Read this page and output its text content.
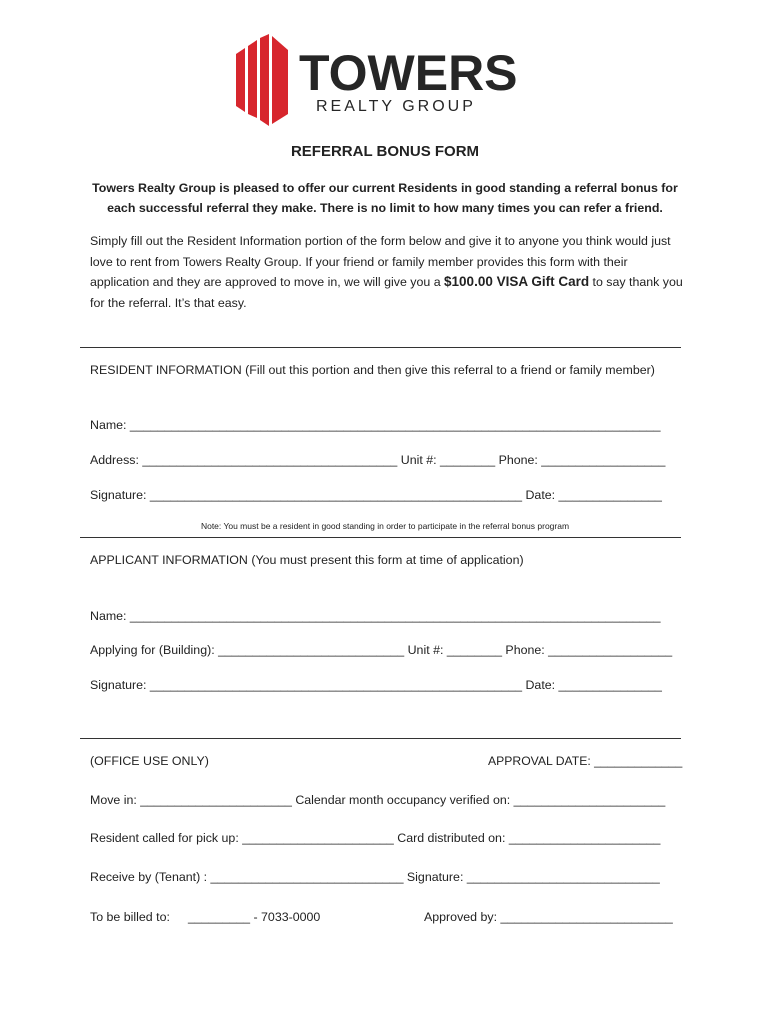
TOWERS
REALTY GROUP
REFERRAL BONUS FORM
Towers Realty Group is pleased to offer our current Residents in good standing a referral bonus for each successful referral they make. There is no limit to how many times you can refer a friend.
Simply fill out the Resident Information portion of the form below and give it to anyone you think would just love to rent from Towers Realty Group. If your friend or family member provides this form with their application and they are approved to move in, we will give you a $100.00 VISA Gift Card to say thank you for the referral. It’s that easy.
RESIDENT INFORMATION (Fill out this portion and then give this referral to a friend or family member)
Name: _____________________________________________________________________________
Address: _____________________________________ Unit #: ________ Phone: __________________
Signature: ______________________________________________________ Date: _______________
Note: You must be a resident in good standing in order to participate in the referral bonus program
APPLICANT INFORMATION (You must present this form at time of application)
Name: _____________________________________________________________________________
Applying for (Building): ___________________________ Unit #: ________ Phone: __________________
Signature: ______________________________________________________ Date: _______________
(OFFICE USE ONLY)	APPROVAL DATE: _____________
Move in: ______________________ Calendar month occupancy verified on: ______________________
Resident called for pick up: ______________________ Card distributed on: ______________________
Receive by (Tenant) : ____________________________ Signature: ____________________________
To be billed to: _________ - 7033-0000	Approved by: _________________________
